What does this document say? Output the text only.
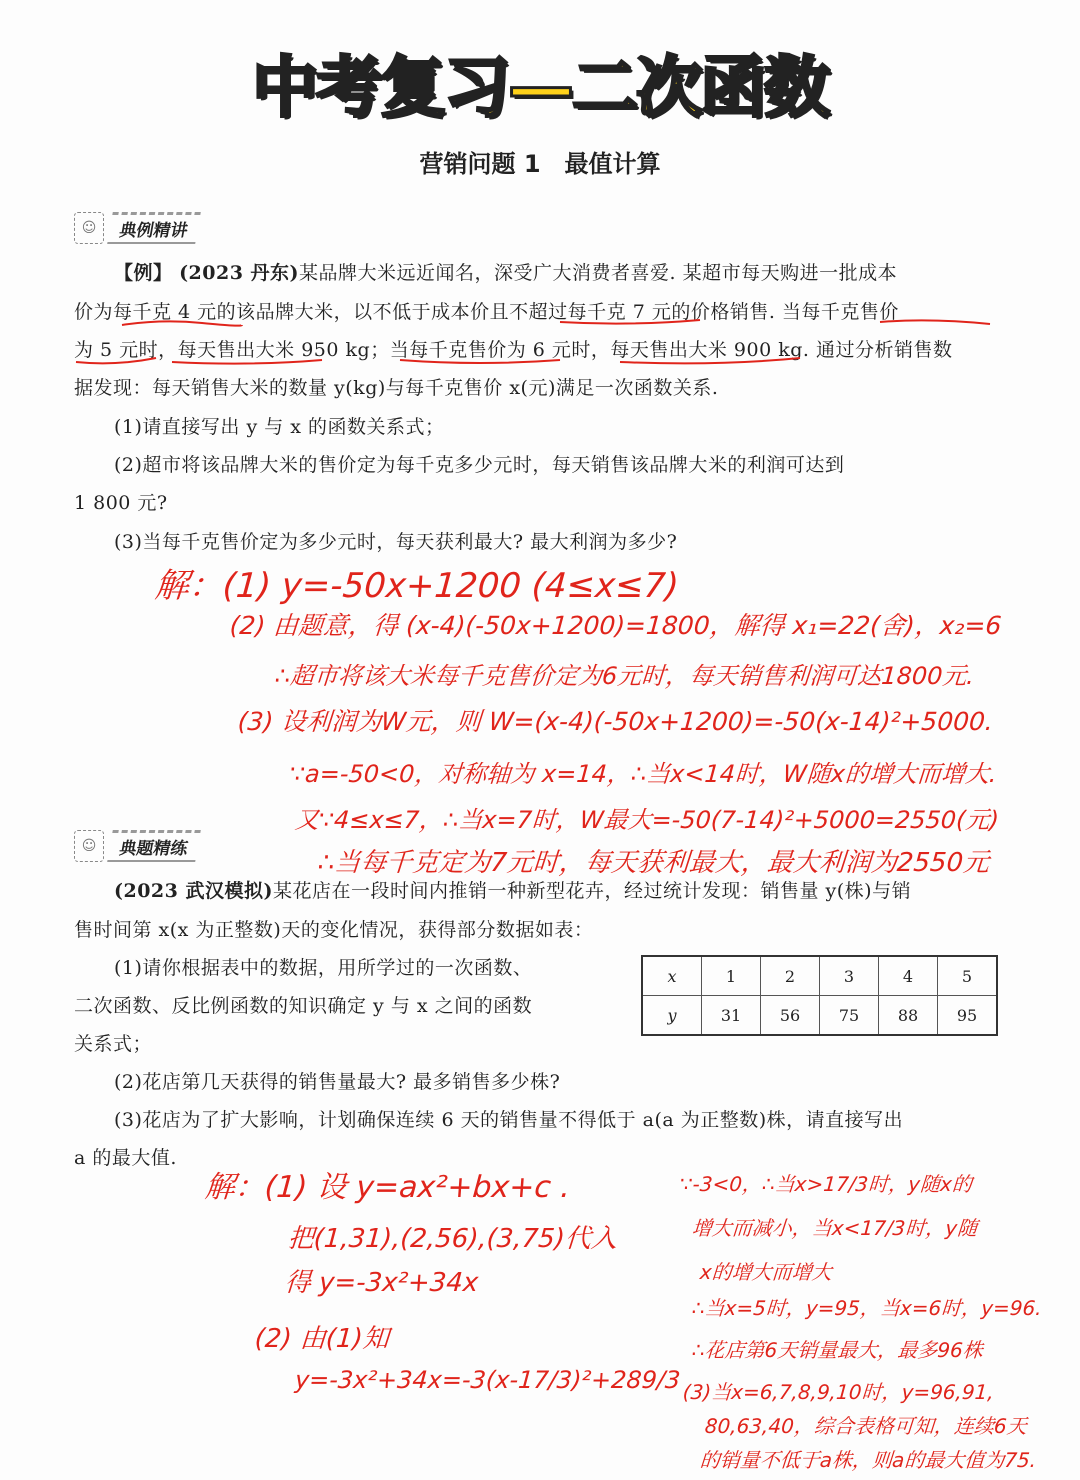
中考复习—二次函数
营销问题 1　最值计算
☺	典例精讲
【例】 (2023 丹东)某品牌大米远近闻名，深受广大消费者喜爱. 某超市每天购进一批成本
价为每千克 4 元的该品牌大米，以不低于成本价且不超过每千克 7 元的价格销售. 当每千克售价
为 5 元时，每天售出大米 950 kg；当每千克售价为 6 元时，每天售出大米 900 kg. 通过分析销售数
据发现：每天销售大米的数量 y(kg)与每千克售价 x(元)满足一次函数关系.
(1)请直接写出 y 与 x 的函数关系式；
(2)超市将该品牌大米的售价定为每千克多少元时，每天销售该品牌大米的利润可达到
1 800 元?
(3)当每千克售价定为多少元时，每天获利最大? 最大利润为多少?
解：(1) y=-50x+1200 (4≤x≤7)
(2) 由题意，得 (x-4)(-50x+1200)=1800，解得 x₁=22(舍)，x₂=6
∴超市将该大米每千克售价定为6元时，每天销售利润可达1800元.
(3) 设利润为W元，则 W=(x-4)(-50x+1200)=-50(x-14)²+5000.
∵a=-50<0，对称轴为 x=14，∴当x<14时，W随x的增大而增大.
又∵4≤x≤7，∴当x=7时，W最大=-50(7-14)²+5000=2550(元)
∴当每千克定为7元时，每天获利最大，最大利润为2550元
☺	典题精练
(2023 武汉模拟)某花店在一段时间内推销一种新型花卉，经过统计发现：销售量 y(株)与销
售时间第 x(x 为正整数)天的变化情况，获得部分数据如表：
(1)请你根据表中的数据，用所学过的一次函数、
二次函数、反比例函数的知识确定 y 与 x 之间的函数
关系式；
(2)花店第几天获得的销售量最大? 最多销售多少株?
(3)花店为了扩大影响，计划确保连续 6 天的销售量不得低于 a(a 为正整数)株，请直接写出
a 的最大值.
x	1	2	3	4	5
y	31	56	75	88	95
解：(1) 设 y=ax²+bx+c .
把(1,31),(2,56),(3,75)代入
得 y=-3x²+34x
(2) 由(1)知
y=-3x²+34x=-3(x-17/3)²+289/3
∵-3<0，∴当x>17/3时，y随x的
增大而减小，当x<17/3时，y随
x的增大而增大
∴当x=5时，y=95，当x=6时，y=96.
∴花店第6天销量最大，最多96株
(3)当x=6,7,8,9,10时，y=96,91,
80,63,40，综合表格可知，连续6天
的销量不低于a株，则a的最大值为75.
